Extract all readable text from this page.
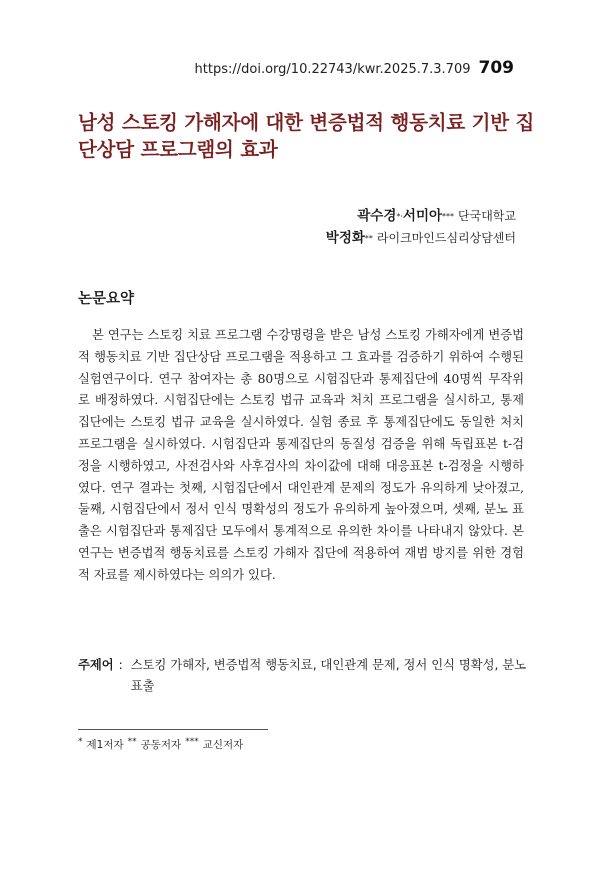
https://doi.org/10.22743/kwr.2025.7.3.709 709
남성 스토킹 가해자에 대한 변증법적 행동치료 기반 집단상담 프로그램의 효과
곽수경*·서미아*** 단국대학교
박정화** 라이크마인드심리상담센터
논문요약

본 연구는 스토킹 치료 프로그램 수강명령을 받은 남성 스토킹 가해자에게 변증법적 행동치료 기반 집단상담 프로그램을 적용하고 그 효과를 검증하기 위하여 수행된 실험연구이다. 연구 참여자는 총 80명으로 시험집단과 통제집단에 40명씩 무작위로 배정하였다. 시험집단에는 스토킹 법규 교육과 처치 프로그램을 실시하고, 통제집단에는 스토킹 법규 교육을 실시하였다. 실험 종료 후 통제집단에도 동일한 처치 프로그램을 실시하였다. 시험집단과 통제집단의 동질성 검증을 위해 독립표본 t-검정을 시행하였고, 사전검사와 사후검사의 차이값에 대해 대응표본 t-검정을 시행하였다. 연구 결과는 첫째, 시험집단에서 대인관계 문제의 정도가 유의하게 낮아졌고, 둘째, 시험집단에서 정서 인식 명확성의 정도가 유의하게 높아졌으며, 셋째, 분노 표출은 시험집단과 통제집단 모두에서 통계적으로 유의한 차이를 나타내지 않았다. 본 연구는 변증법적 행동치료를 스토킹 가해자 집단에 적용하여 재범 방지를 위한 경험적 자료를 제시하였다는 의의가 있다.

주제어 : 스토킹 가해자, 변증법적 행동치료, 대인관계 문제, 정서 인식 명확성, 분노 표출
* 제1저자 ** 공동저자 *** 교신저자
